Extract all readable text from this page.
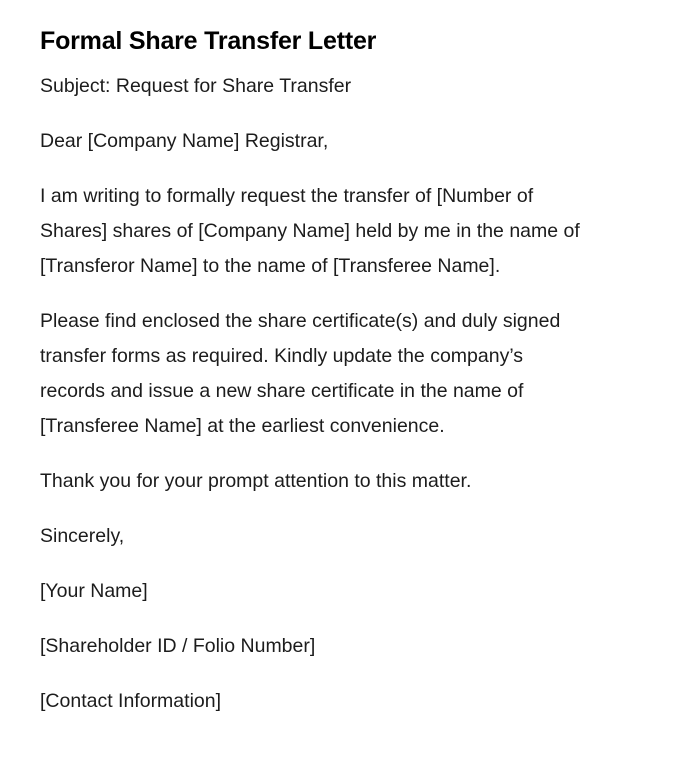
Formal Share Transfer Letter

Subject: Request for Share Transfer

Dear [Company Name] Registrar,

I am writing to formally request the transfer of [Number of
Shares] shares of [Company Name] held by me in the name of
[Transferor Name] to the name of [Transferee Name].

Please find enclosed the share certificate(s) and duly signed
transfer forms as required. Kindly update the company’s
records and issue a new share certificate in the name of
[Transferee Name] at the earliest convenience.

Thank you for your prompt attention to this matter.

Sincerely,

[Your Name]

[Shareholder ID / Folio Number]

[Contact Information]
